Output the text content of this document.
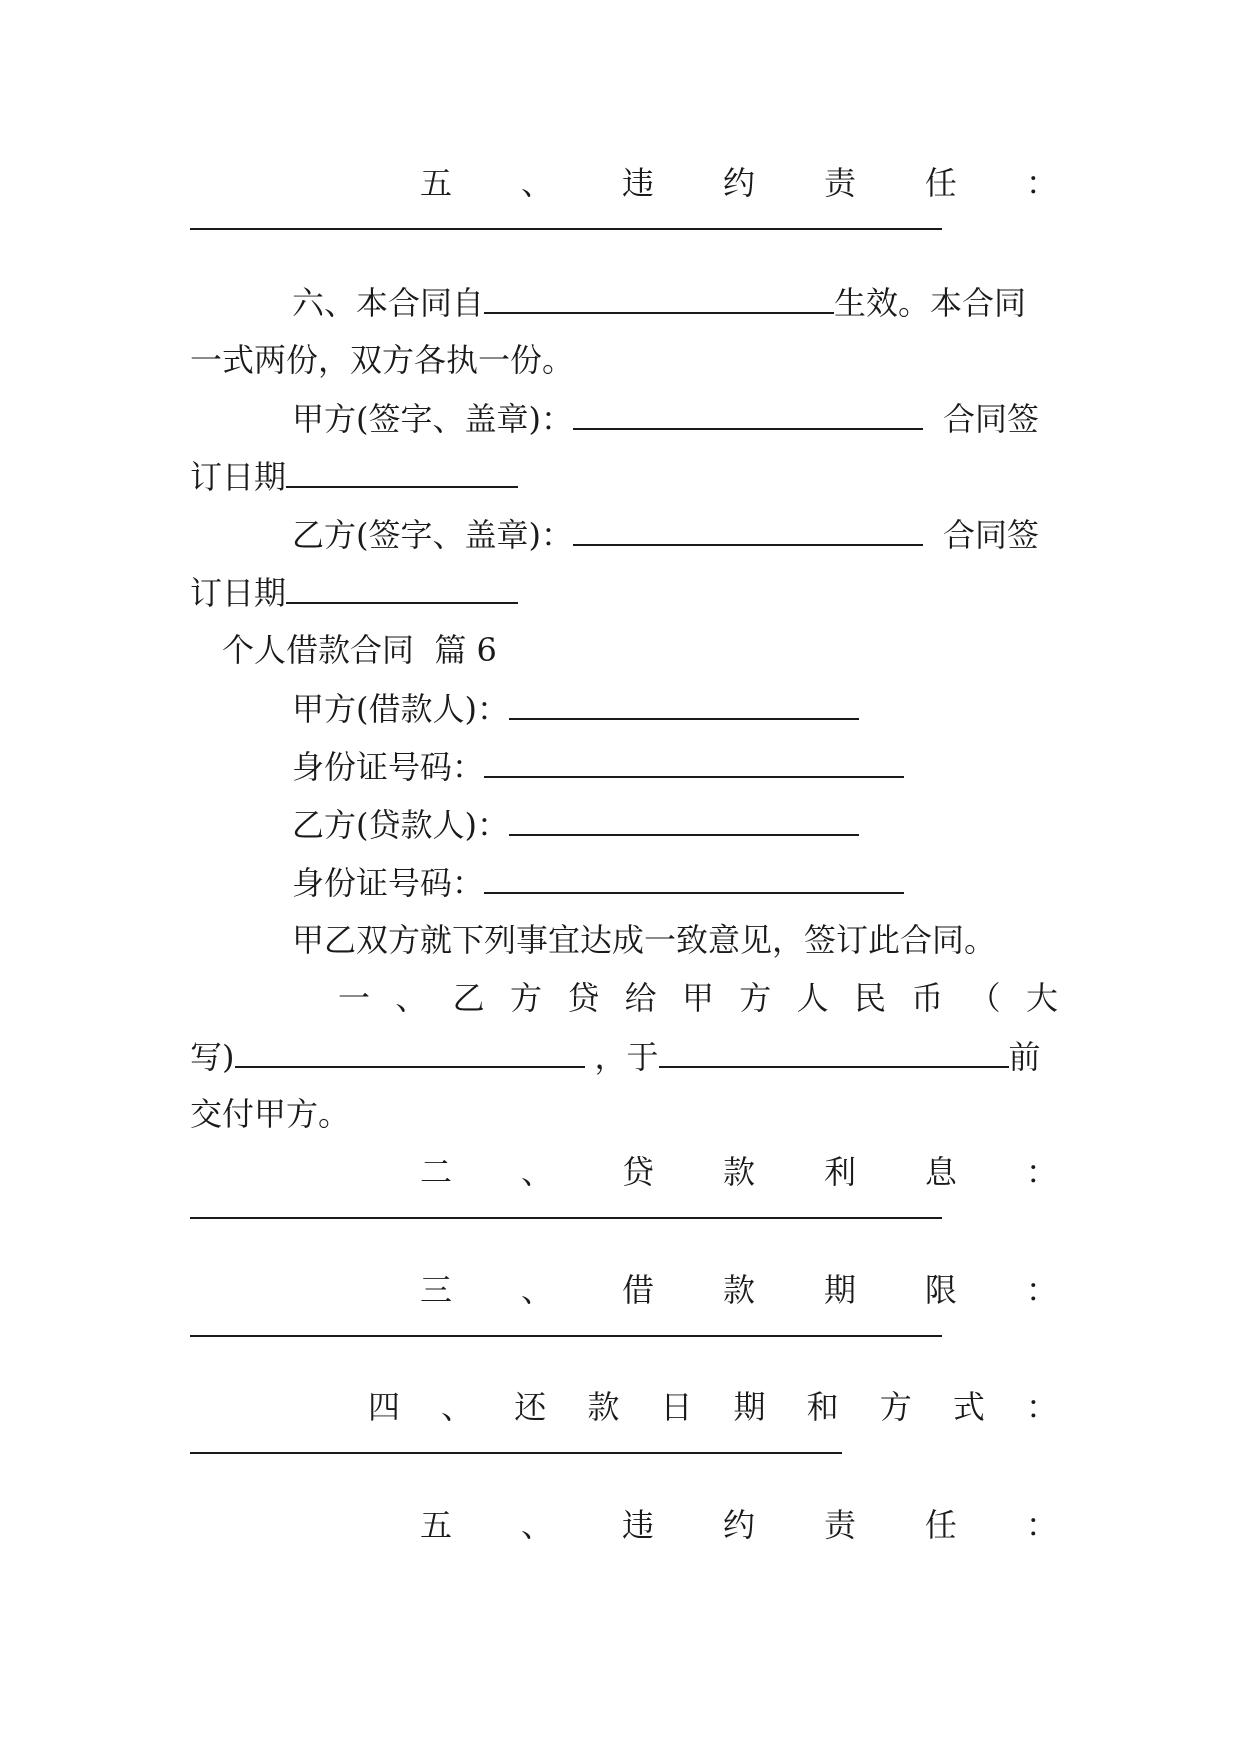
五 、 违 约 责 任 ：
六、本合同自	生效。本合同
一式两份，双方各执一份。
甲方(签字、盖章)：	合同签
订日期
乙方(签字、盖章)：	合同签
订日期
个人借款合同  篇 6
甲方(借款人)：
身份证号码：
乙方(贷款人)：
身份证号码：
甲乙双方就下列事宜达成一致意见，签订此合同。
一 、 乙 方 贷 给 甲 方 人 民 币 （ 大
写)	，于	前
交付甲方。
二 、 贷 款 利 息 ：
三 、 借 款 期 限 ：
四 、 还 款 日 期 和 方 式 ：
五 、 违 约 责 任 ：
